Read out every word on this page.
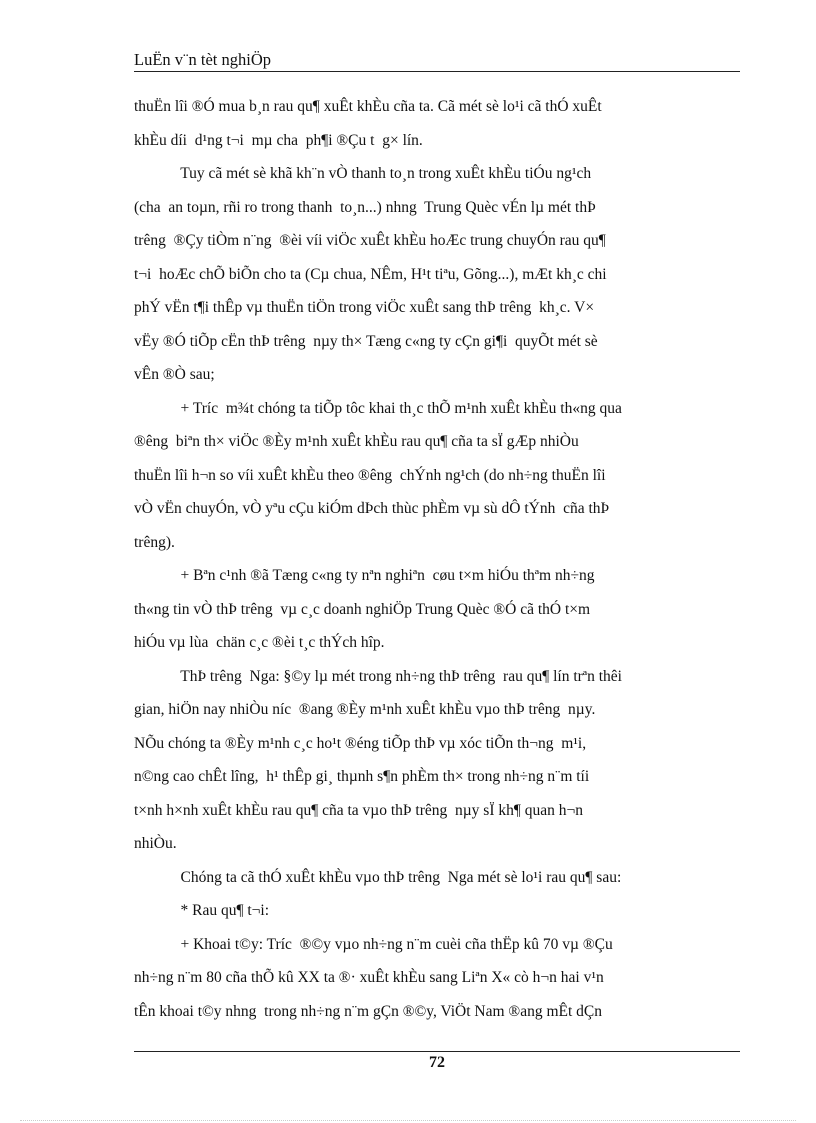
LuËn v¨n tèt nghiÖp
thuËn lîi ®Ó mua b¸n rau qu¶ xuÊt khÈu cña ta. Cã mét sè lo¹i cã thÓ xuÊt
khÈu díi  d¹ng t¬i  mµ cha  ph¶i ®Çu t  g× lín.
Tuy cã mét sè khã kh¨n vÒ thanh to¸n trong xuÊt khÈu tiÓu ng¹ch
(cha  an toµn, rñi ro trong thanh  to¸n...) nhng  Trung Quèc vÉn lµ mét thÞ
trêng  ®Çy tiÒm n¨ng  ®èi víi viÖc xuÊt khÈu hoÆc trung chuyÓn rau qu¶
t¬i  hoÆc chÕ biÕn cho ta (Cµ chua, NÊm, H¹t tiªu, Gõng...), mÆt kh¸c chi
phÝ vËn t¶i thÊp vµ thuËn tiÖn trong viÖc xuÊt sang thÞ trêng  kh¸c. V×
vËy ®Ó tiÕp cËn thÞ trêng  nµy th× Tæng c«ng ty cÇn gi¶i  quyÕt mét sè
vÊn ®Ò sau;
+ Tríc  m¾t chóng ta tiÕp tôc khai th¸c thÕ m¹nh xuÊt khÈu th«ng qua
®êng  biªn th× viÖc ®Èy m¹nh xuÊt khÈu rau qu¶ cña ta sÏ gÆp nhiÒu
thuËn lîi h¬n so víi xuÊt khÈu theo ®êng  chÝnh ng¹ch (do nh÷ng thuËn lîi
vÒ vËn chuyÓn, vÒ yªu cÇu kiÓm dÞch thùc phÈm vµ sù dÔ tÝnh  cña thÞ
trêng).
+ Bªn c¹nh ®ã Tæng c«ng ty nªn nghiªn  cøu t×m hiÓu thªm nh÷ng
th«ng tin vÒ thÞ trêng  vµ c¸c doanh nghiÖp Trung Quèc ®Ó cã thÓ t×m
hiÓu vµ lùa  chän c¸c ®èi t¸c thÝch hîp.
ThÞ trêng  Nga: §©y lµ mét trong nh÷ng thÞ trêng  rau qu¶ lín trªn thêi
gian, hiÖn nay nhiÒu níc  ®ang ®Èy m¹nh xuÊt khÈu vµo thÞ trêng  nµy.
NÕu chóng ta ®Èy m¹nh c¸c ho¹t ®éng tiÕp thÞ vµ xóc tiÕn th¬ng  m¹i,
n©ng cao chÊt lîng,  h¹ thÊp gi¸ thµnh s¶n phÈm th× trong nh÷ng n¨m tíi
t×nh h×nh xuÊt khÈu rau qu¶ cña ta vµo thÞ trêng  nµy sÏ kh¶ quan h¬n
nhiÒu.
Chóng ta cã thÓ xuÊt khÈu vµo thÞ trêng  Nga mét sè lo¹i rau qu¶ sau:
* Rau qu¶ t¬i:
+ Khoai t©y: Tríc  ®©y vµo nh÷ng n¨m cuèi cña thËp kû 70 vµ ®Çu
nh÷ng n¨m 80 cña thÕ kû XX ta ®· xuÊt khÈu sang Liªn X« cò h¬n hai v¹n
tÊn khoai t©y nhng  trong nh÷ng n¨m gÇn ®©y, ViÖt Nam ®ang mÊt dÇn
72
